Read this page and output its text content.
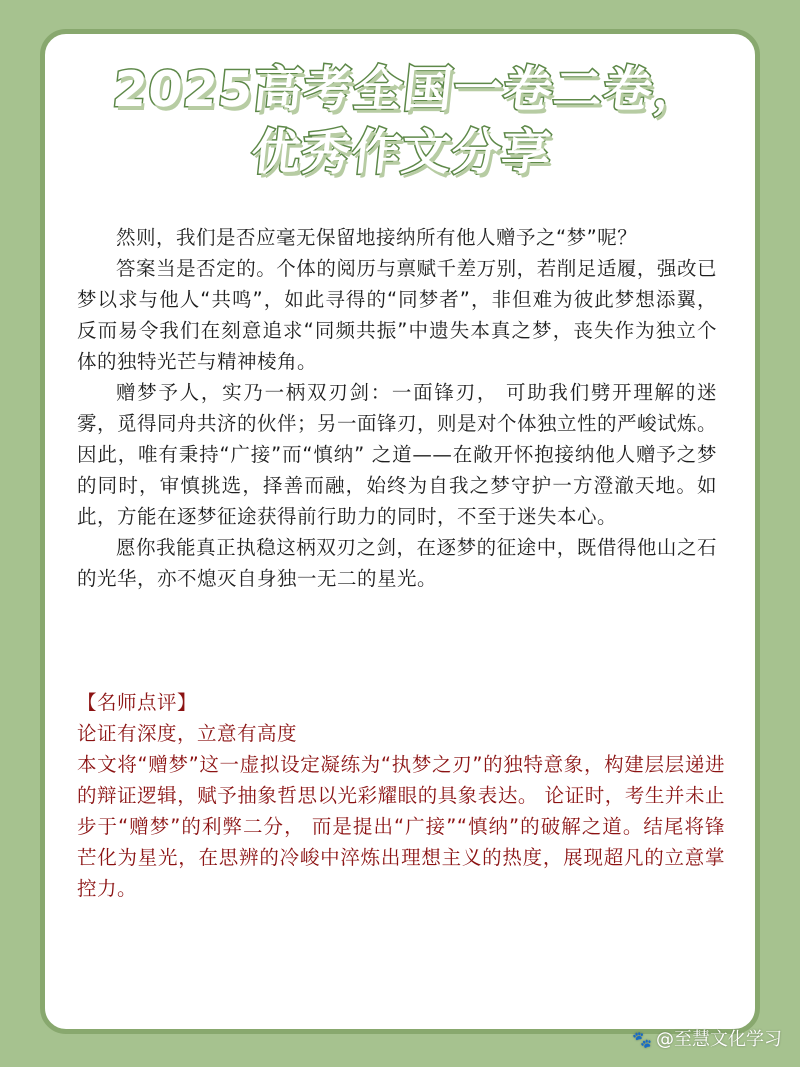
2025高考全国一卷二卷，
优秀作文分享

然则，我们是否应毫无保留地接纳所有他人赠予之“梦”呢？

答案当是否定的。个体的阅历与禀赋千差万别，若削足适履，强改已梦以求与他人“共鸣”，如此寻得的“同梦者”，非但难为彼此梦想添翼，反而易令我们在刻意追求“同频共振”中遗失本真之梦，丧失作为独立个体的独特光芒与精神棱角。

赠梦予人，实乃一柄双刃剑：一面锋刃， 可助我们劈开理解的迷雾，觅得同舟共济的伙伴；另一面锋刃，则是对个体独立性的严峻试炼。因此，唯有秉持“广接”而“慎纳” 之道——在敞开怀抱接纳他人赠予之梦的同时，审慎挑选，择善而融，始终为自我之梦守护一方澄澈天地。如此，方能在逐梦征途获得前行助力的同时，不至于迷失本心。

愿你我能真正执稳这柄双刃之剑，在逐梦的征途中，既借得他山之石的光华，亦不熄灭自身独一无二的星光。

【名师点评】
论证有深度，立意有高度
本文将“赠梦”这一虚拟设定凝练为“执梦之刃”的独特意象，构建层层递进的辩证逻辑，赋予抽象哲思以光彩耀眼的具象表达。 论证时，考生并未止步于“赠梦”的利弊二分， 而是提出“广接”“慎纳”的破解之道。结尾将锋芒化为星光，在思辨的冷峻中淬炼出理想主义的热度，展现超凡的立意掌控力。
🐾 @至慧文化学习
